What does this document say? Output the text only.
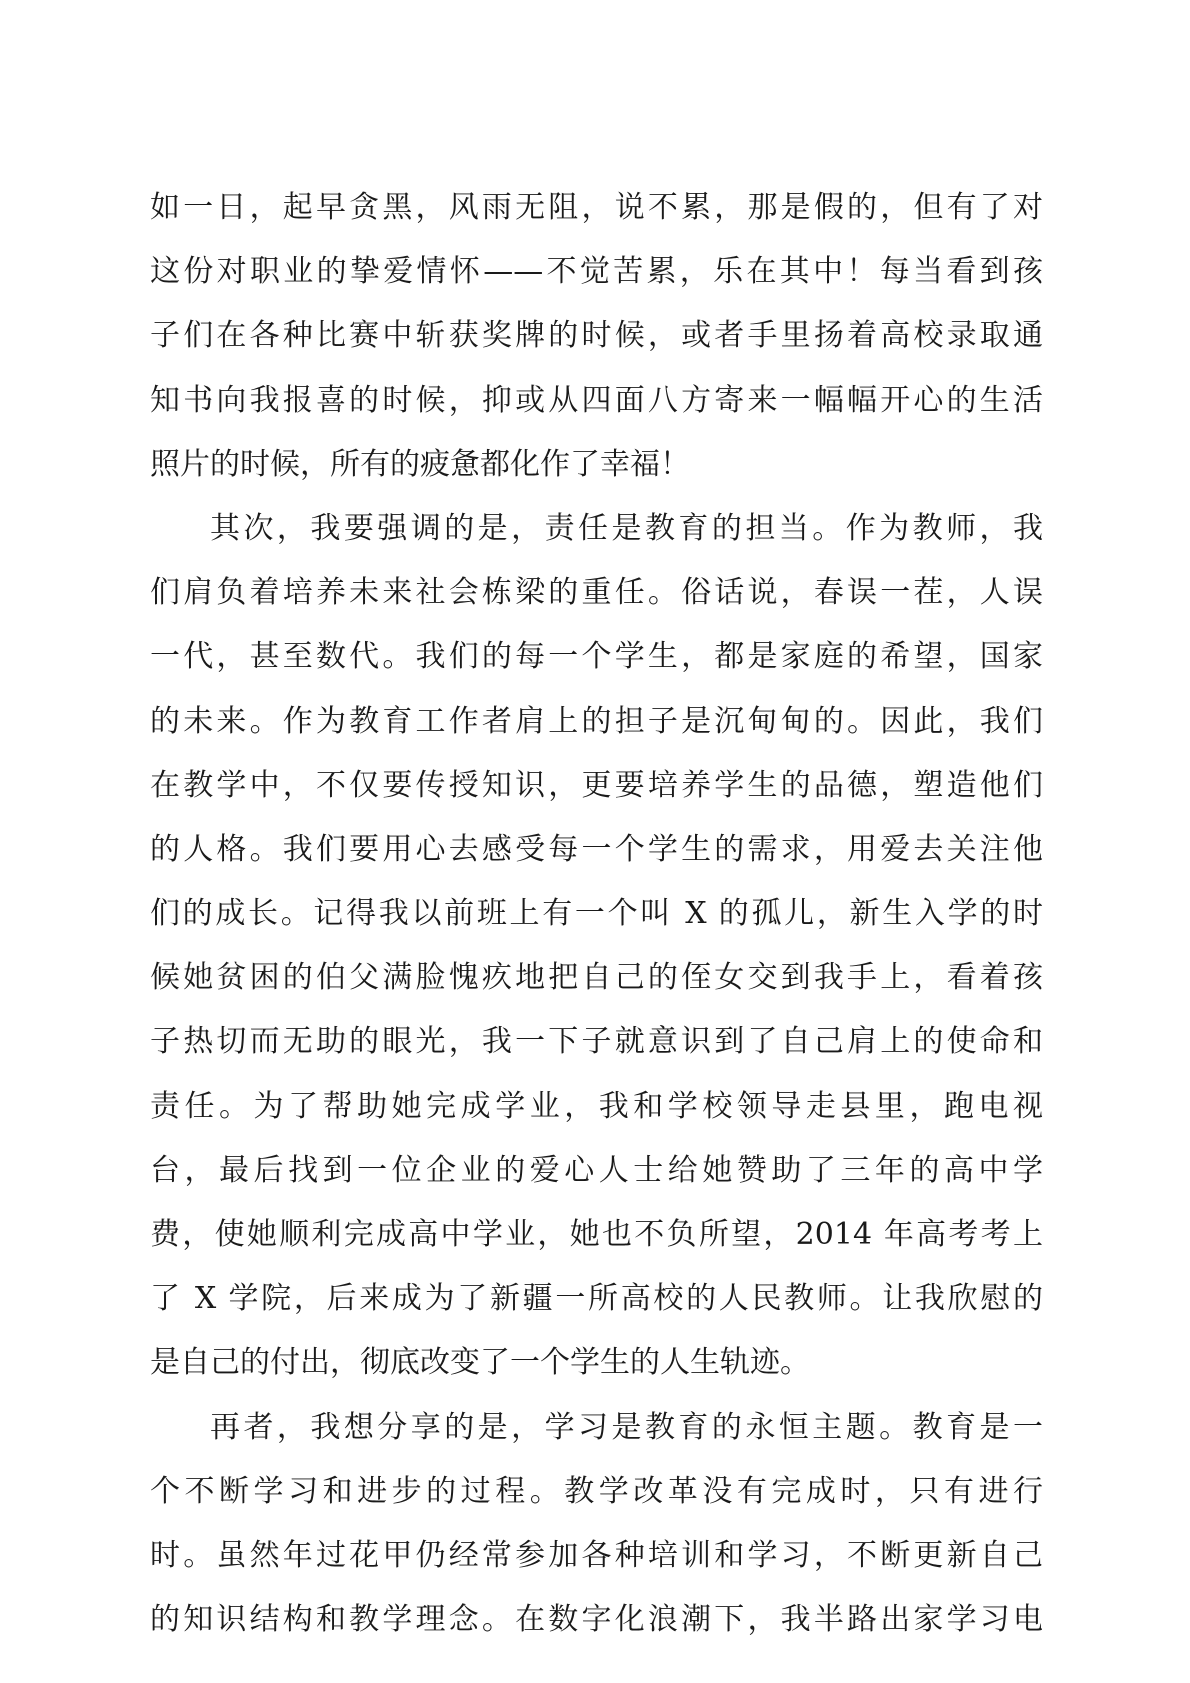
如一日，起早贪黑，风雨无阻，说不累，那是假的，但有了对
这份对职业的挚爱情怀——不觉苦累，乐在其中！每当看到孩
子们在各种比赛中斩获奖牌的时候，或者手里扬着高校录取通
知书向我报喜的时候，抑或从四面八方寄来一幅幅开心的生活
照片的时候，所有的疲惫都化作了幸福！
其次，我要强调的是，责任是教育的担当。作为教师，我
们肩负着培养未来社会栋梁的重任。俗话说，春误一茬，人误
一代，甚至数代。我们的每一个学生，都是家庭的希望，国家
的未来。作为教育工作者肩上的担子是沉甸甸的。因此，我们
在教学中，不仅要传授知识，更要培养学生的品德，塑造他们
的人格。我们要用心去感受每一个学生的需求，用爱去关注他
们的成长。记得我以前班上有一个叫 X 的孤儿，新生入学的时
候她贫困的伯父满脸愧疚地把自己的侄女交到我手上，看着孩
子热切而无助的眼光，我一下子就意识到了自己肩上的使命和
责任。为了帮助她完成学业，我和学校领导走县里，跑电视
台，最后找到一位企业的爱心人士给她赞助了三年的高中学
费，使她顺利完成高中学业，她也不负所望，2014 年高考考上
了 X 学院，后来成为了新疆一所高校的人民教师。让我欣慰的
是自己的付出，彻底改变了一个学生的人生轨迹。
再者，我想分享的是，学习是教育的永恒主题。教育是一
个不断学习和进步的过程。教学改革没有完成时，只有进行
时。虽然年过花甲仍经常参加各种培训和学习，不断更新自己
的知识结构和教学理念。在数字化浪潮下，我半路出家学习电
